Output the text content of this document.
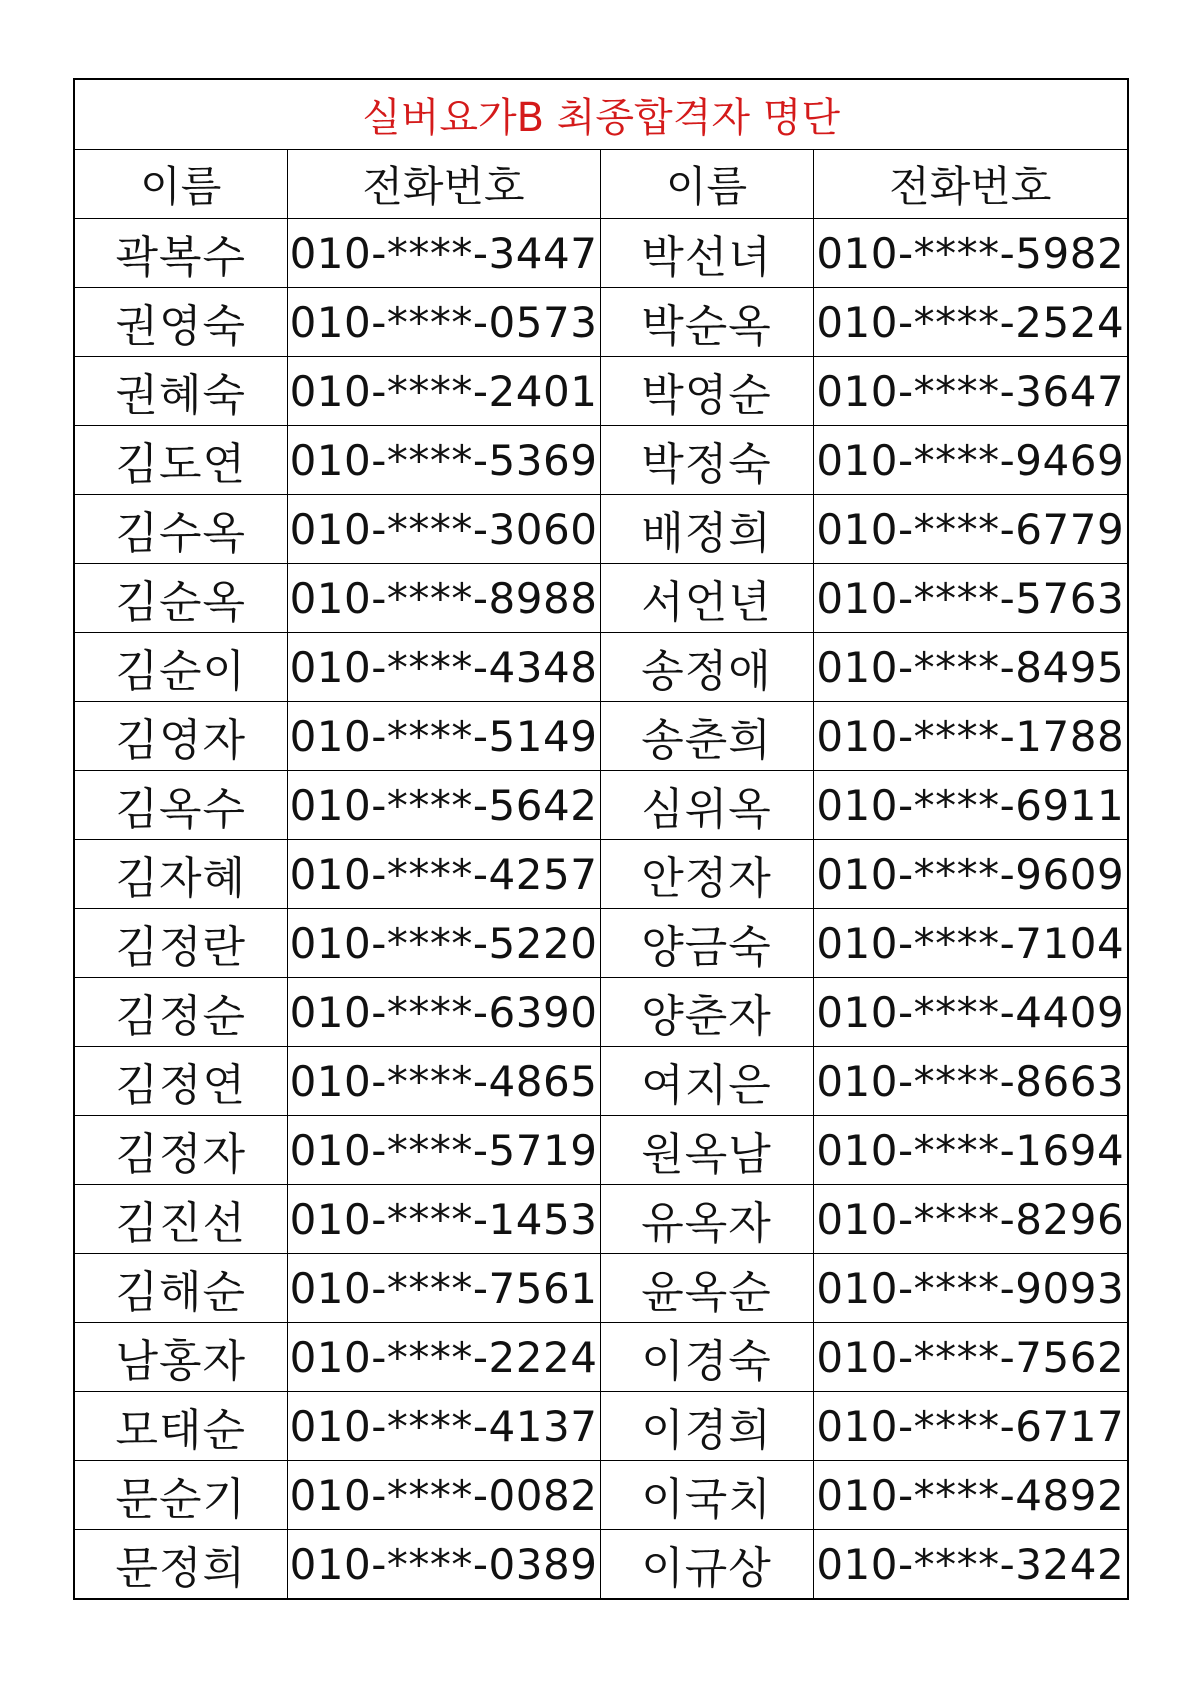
실버요가B 최종합격자 명단			
이름	전화번호	이름	전화번호
곽복수	010-****-3447	박선녀	010-****-5982
권영숙	010-****-0573	박순옥	010-****-2524
권혜숙	010-****-2401	박영순	010-****-3647
김도연	010-****-5369	박정숙	010-****-9469
김수옥	010-****-3060	배정희	010-****-6779
김순옥	010-****-8988	서언년	010-****-5763
김순이	010-****-4348	송정애	010-****-8495
김영자	010-****-5149	송춘희	010-****-1788
김옥수	010-****-5642	심위옥	010-****-6911
김자혜	010-****-4257	안정자	010-****-9609
김정란	010-****-5220	양금숙	010-****-7104
김정순	010-****-6390	양춘자	010-****-4409
김정연	010-****-4865	여지은	010-****-8663
김정자	010-****-5719	원옥남	010-****-1694
김진선	010-****-1453	유옥자	010-****-8296
김해순	010-****-7561	윤옥순	010-****-9093
남홍자	010-****-2224	이경숙	010-****-7562
모태순	010-****-4137	이경희	010-****-6717
문순기	010-****-0082	이국치	010-****-4892
문정희	010-****-0389	이규상	010-****-3242
